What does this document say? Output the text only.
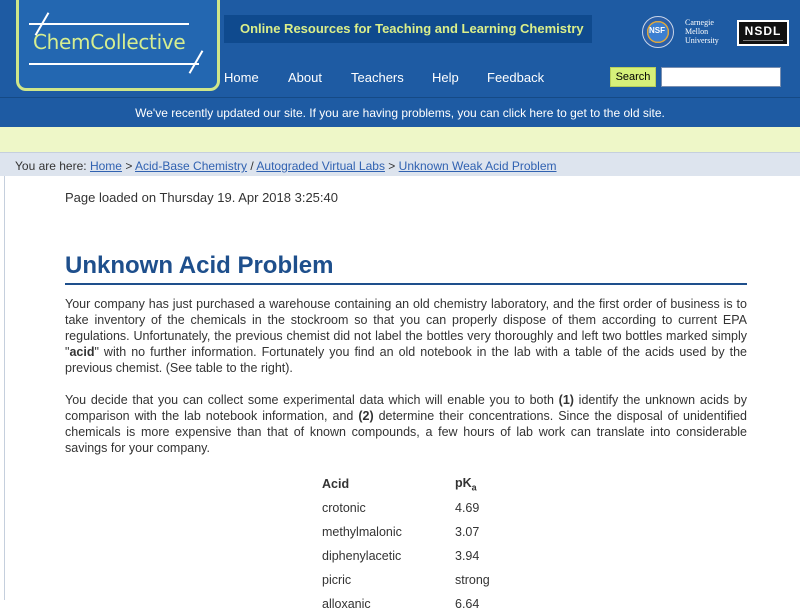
ChemCollective
Online Resources for Teaching and Learning Chemistry	NSF
Carnegie Mellon University
NSDL
Home About Teachers Help Feedback	Search
We've recently updated our site. If you are having problems, you can click here to get to the old site.
You are here: Home > Acid-Base Chemistry / Autograded Virtual Labs > Unknown Weak Acid Problem
Page loaded on Thursday 19. Apr 2018 3:25:40
Unknown Acid Problem

Your company has just purchased a warehouse containing an old chemistry laboratory, and the first order of business is to take inventory of the chemicals in the stockroom so that you can properly dispose of them according to current EPA regulations. Unfortunately, the previous chemist did not label the bottles very thoroughly and left two bottles marked simply "acid" with no further information. Fortunately you find an old notebook in the lab with a table of the acids used by the previous chemist. (See table to the right).

You decide that you can collect some experimental data which will enable you to both (1) identify the unknown acids by comparison with the lab notebook information, and (2) determine their concentrations. Since the disposal of unidentified chemicals is more expensive than that of known compounds, a few hours of lab work can translate into considerable savings for your company.

Acid	$pK_a$
crotonic	4.69
methylmalonic	3.07
diphenylacetic	3.94
picric	strong
alloxanic	6.64
